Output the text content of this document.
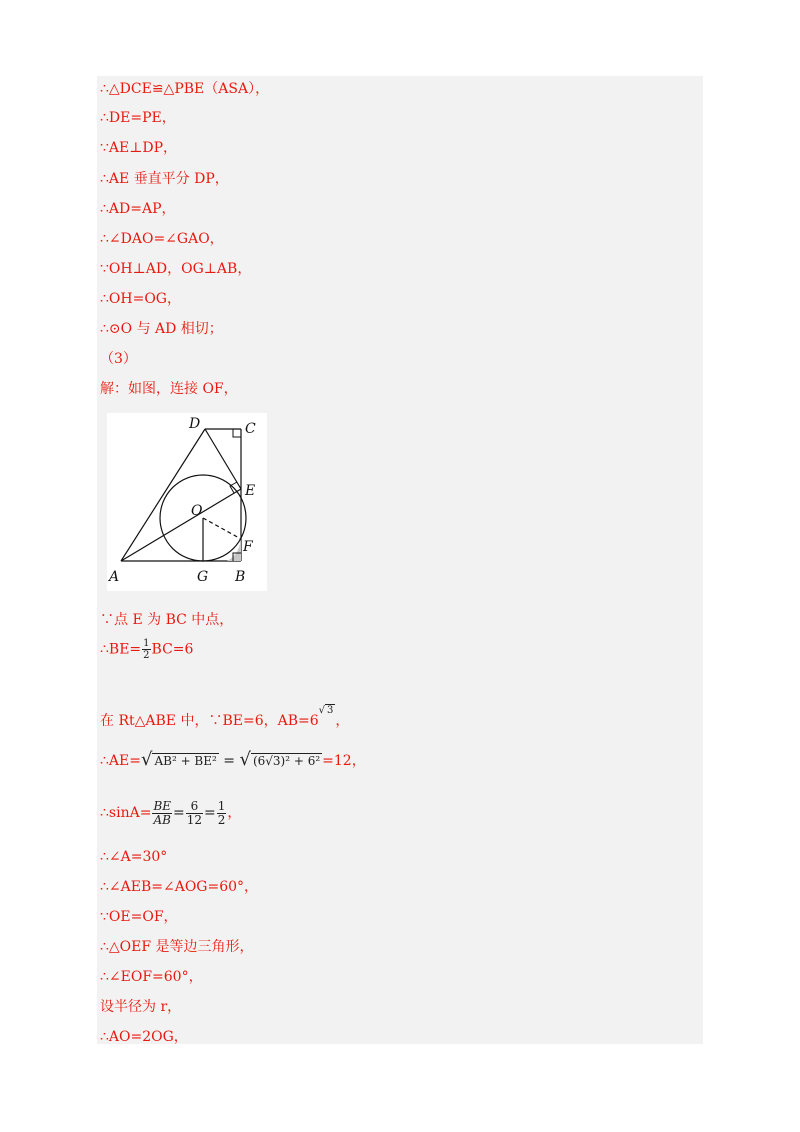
∴△DCE≌△PBE（ASA），
∴DE=PE，
∵AE⊥DP，
∴AE 垂直平分 DP，
∴AD=AP，
∴∠DAO=∠GAO，
∵OH⊥AD，OG⊥AB，
∴OH=OG，
∴⊙O 与 AD 相切；
（3）
解：如图，连接 OF，
D	C
E
O
F
A	G B
∵点 E 为 BC 中点，
∴BE= $\frac{1}{2} BC=6$
在 Rt△ABE 中，∵BE=6，AB=6√ $^3$，
∴AE=√ AB² + BE² = √ (6√3)² + 6² =12，
∴sinA= $\frac{BE}{AB} = \frac{6}{12} = \frac{1}{2}$ ，
∴∠A=30°
∴∠AEB=∠AOG=60°，
∵OE=OF，
∴△OEF 是等边三角形，
∴∠EOF=60°，
设半径为 r，
∴AO=2OG，
